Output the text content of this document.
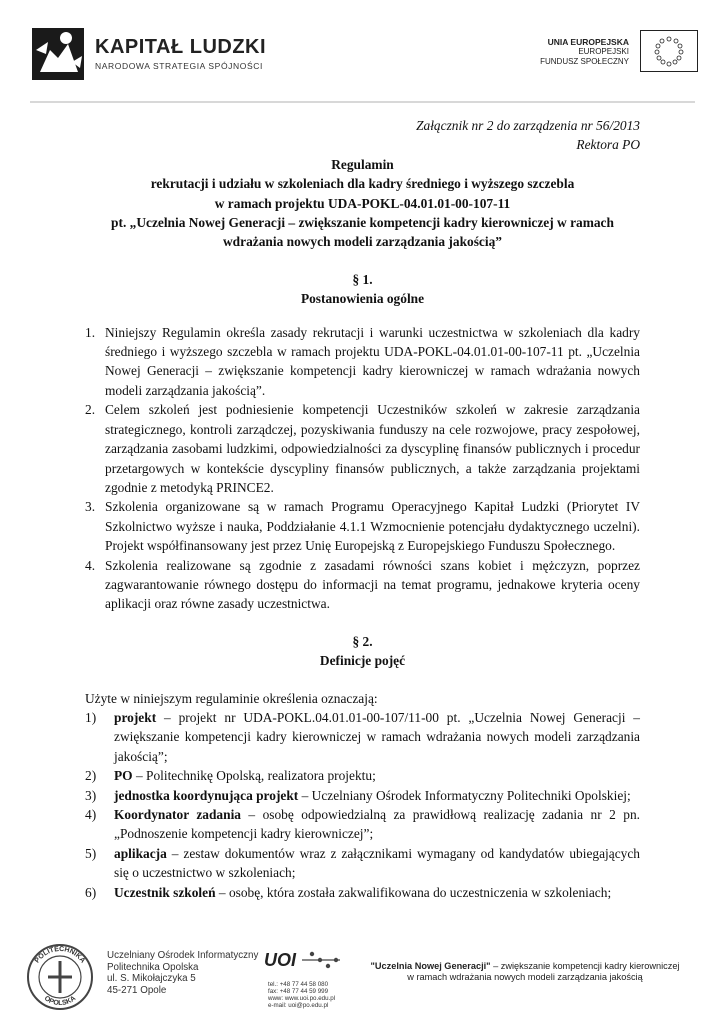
KAPITAŁ LUDZKI
NARODOWA STRATEGIA SPÓJNOŚCI
UNIA EUROPEJSKA
EUROPEJSKI
FUNDUSZ SPOŁECZNY
Załącznik nr 2 do zarządzenia nr 56/2013
Rektora PO
Regulamin
rekrutacji i udziału w szkoleniach dla kadry średniego i wyższego szczebla
w ramach projektu UDA-POKL-04.01.01-00-107-11
pt. „Uczelnia Nowej Generacji – zwiększanie kompetencji kadry kierowniczej w ramach
wdrażania nowych modeli zarządzania jakością”
§ 1.
Postanowienia ogólne
1. Niniejszy Regulamin określa zasady rekrutacji i warunki uczestnictwa w szkoleniach dla kadry średniego i wyższego szczebla w ramach projektu UDA-POKL-04.01.01-00-107-11 pt. „Uczelnia Nowej Generacji – zwiększanie kompetencji kadry kierowniczej w ramach wdrażania nowych modeli zarządzania jakością”.
2. Celem szkoleń jest podniesienie kompetencji Uczestników szkoleń w zakresie zarządzania strategicznego, kontroli zarządczej, pozyskiwania funduszy na cele rozwojowe, pracy zespołowej, zarządzania zasobami ludzkimi, odpowiedzialności za dyscyplinę finansów publicznych i procedur przetargowych w kontekście dyscypliny finansów publicznych, a także zarządzania projektami zgodnie z metodyką PRINCE2.
3. Szkolenia organizowane są w ramach Programu Operacyjnego Kapitał Ludzki (Priorytet IV Szkolnictwo wyższe i nauka, Poddziałanie 4.1.1 Wzmocnienie potencjału dydaktycznego uczelni). Projekt współfinansowany jest przez Unię Europejską z Europejskiego Funduszu Społecznego.
4. Szkolenia realizowane są zgodnie z zasadami równości szans kobiet i mężczyzn, poprzez zagwarantowanie równego dostępu do informacji na temat programu, jednakowe kryteria oceny aplikacji oraz równe zasady uczestnictwa.
§ 2.
Definicje pojęć
Użyte w niniejszym regulaminie określenia oznaczają:
1) projekt – projekt nr UDA-POKL.04.01.01-00-107/11-00 pt. „Uczelnia Nowej Generacji – zwiększanie kompetencji kadry kierowniczej w ramach wdrażania nowych modeli zarządzania jakością”;
2) PO – Politechnikę Opolską, realizatora projektu;
3) jednostka koordynująca projekt – Uczelniany Ośrodek Informatyczny Politechniki Opolskiej;
4) Koordynator zadania – osobę odpowiedzialną za prawidłową realizację zadania nr 2 pn. „Podnoszenie kompetencji kadry kierowniczej”;
5) aplikacja – zestaw dokumentów wraz z załącznikami wymagany od kandydatów ubiegających się o uczestnictwo w szkoleniach;
6) Uczestnik szkoleń – osobę, która została zakwalifikowana do uczestniczenia w szkoleniach;
POLITECHNIKA
OPOLSKA
Uczelniany Ośrodek Informatyczny
Politechnika Opolska
ul. S. Mikołajczyka 5
45-271 Opole
UOI
tel.: +48 77 44 58 080
fax: +48 77 44 59 999
www: www.uoi.po.edu.pl
e-mail: uoi@po.edu.pl
"Uczelnia Nowej Generacji" – zwiększanie kompetencji kadry kierowniczej
w ramach wdrażania nowych modeli zarządzania jakością
